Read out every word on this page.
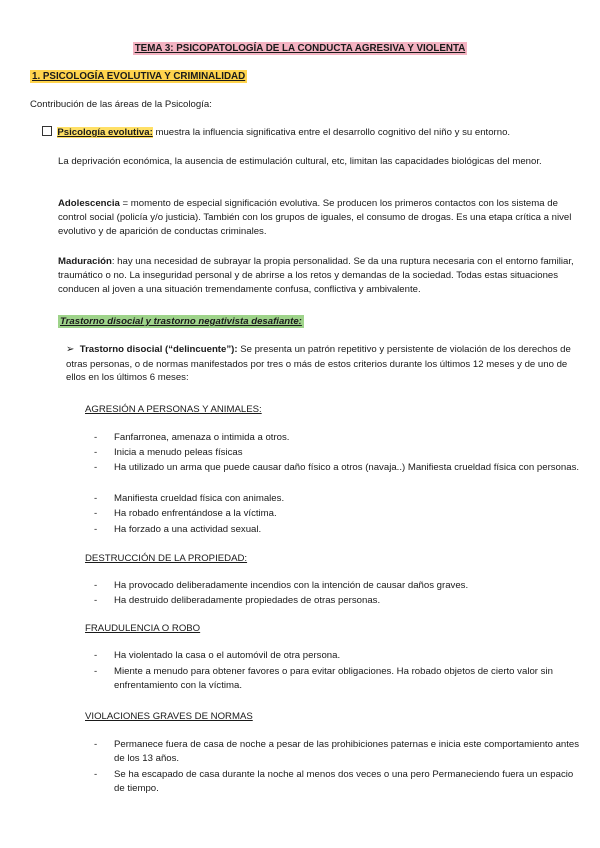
TEMA 3: PSICOPATOLOGÍA DE LA CONDUCTA AGRESIVA Y VIOLENTA
1. PSICOLOGÍA EVOLUTIVA Y CRIMINALIDAD
Contribución de las áreas de la Psicología:
Psicología evolutiva: muestra la influencia significativa entre el desarrollo cognitivo del niño y su entorno.
La deprivación económica, la ausencia de estimulación cultural, etc, limitan las capacidades biológicas del menor.
Adolescencia = momento de especial significación evolutiva. Se producen los primeros contactos con los sistema de control social (policía y/o justicia). También con los grupos de iguales, el consumo de drogas. Es una etapa crítica a nivel evolutivo y de aparición de conductas criminales.
Maduración: hay una necesidad de subrayar la propia personalidad. Se da una ruptura necesaria con el entorno familiar, traumático o no. La inseguridad personal y de abrirse a los retos y demandas de la sociedad. Todas estas situaciones conducen al joven a una situación tremendamente confusa, conflictiva y ambivalente.
Trastorno disocial y trastorno negativista desafiante:
➢ Trastorno disocial (“delincuente”): Se presenta un patrón repetitivo y persistente de violación de los derechos de otras personas, o de normas manifestados por tres o más de estos criterios durante los últimos 12 meses y de uno de ellos en los últimos 6 meses:
AGRESIÓN A PERSONAS Y ANIMALES:
- Fanfarronea, amenaza o intimida a otros.
- Inicia a menudo peleas físicas
- Ha utilizado un arma que puede causar daño físico a otros (navaja..) Manifiesta crueldad física con personas.
- Manifiesta crueldad física con animales.
- Ha robado enfrentándose a la víctima.
- Ha forzado a una actividad sexual.
DESTRUCCIÓN DE LA PROPIEDAD:
- Ha provocado deliberadamente incendios con la intención de causar daños graves.
- Ha destruido deliberadamente propiedades de otras personas.
FRAUDULENCIA O ROBO
- Ha violentado la casa o el automóvil de otra persona.
- Miente a menudo para obtener favores o para evitar obligaciones. Ha robado objetos de cierto valor sin enfrentamiento con la víctima.
VIOLACIONES GRAVES DE NORMAS
- Permanece fuera de casa de noche a pesar de las prohibiciones paternas e inicia este comportamiento antes de los 13 años.
- Se ha escapado de casa durante la noche al menos dos veces o una pero Permaneciendo fuera un espacio de tiempo.
